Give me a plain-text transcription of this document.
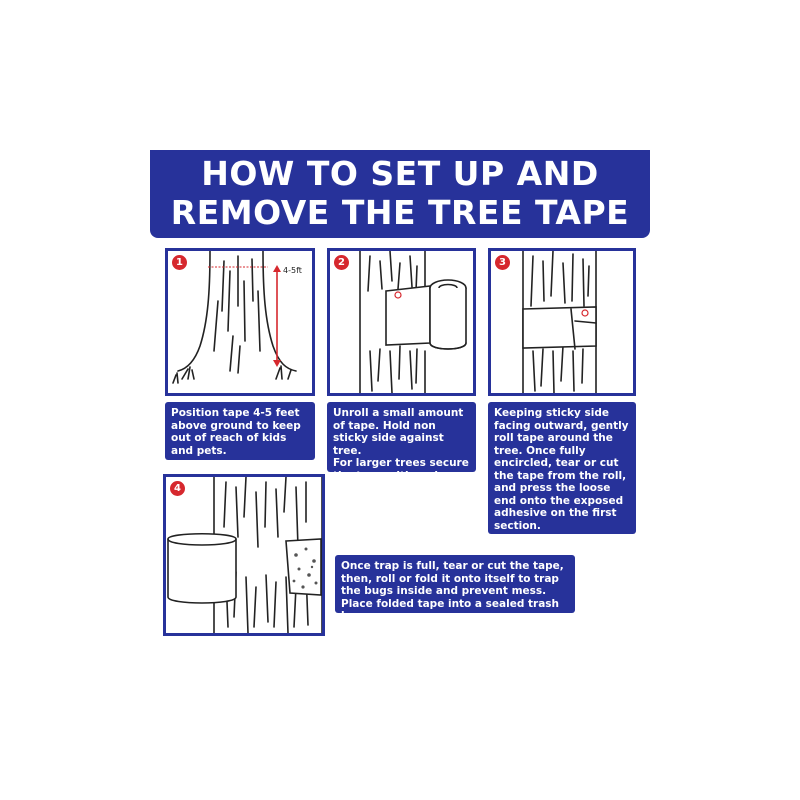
HOW TO SET UP AND
REMOVE THE TREE TAPE
1
4-5ft
2	3
4
Position tape 4-5 feet above ground to keep out of reach of kids and pets.
Unroll a small amount of tape. Hold non sticky side against tree.
For larger trees secure the tape with a pin.
Keeping sticky side facing outward, gently roll tape around the tree. Once fully encircled, tear or cut the tape from the roll, and press the loose end onto the exposed adhesive on the first section.
Once trap is full, tear or cut the tape, then, roll or fold it onto itself to trap the bugs inside and prevent mess. Place folded tape into a sealed trash bag.
